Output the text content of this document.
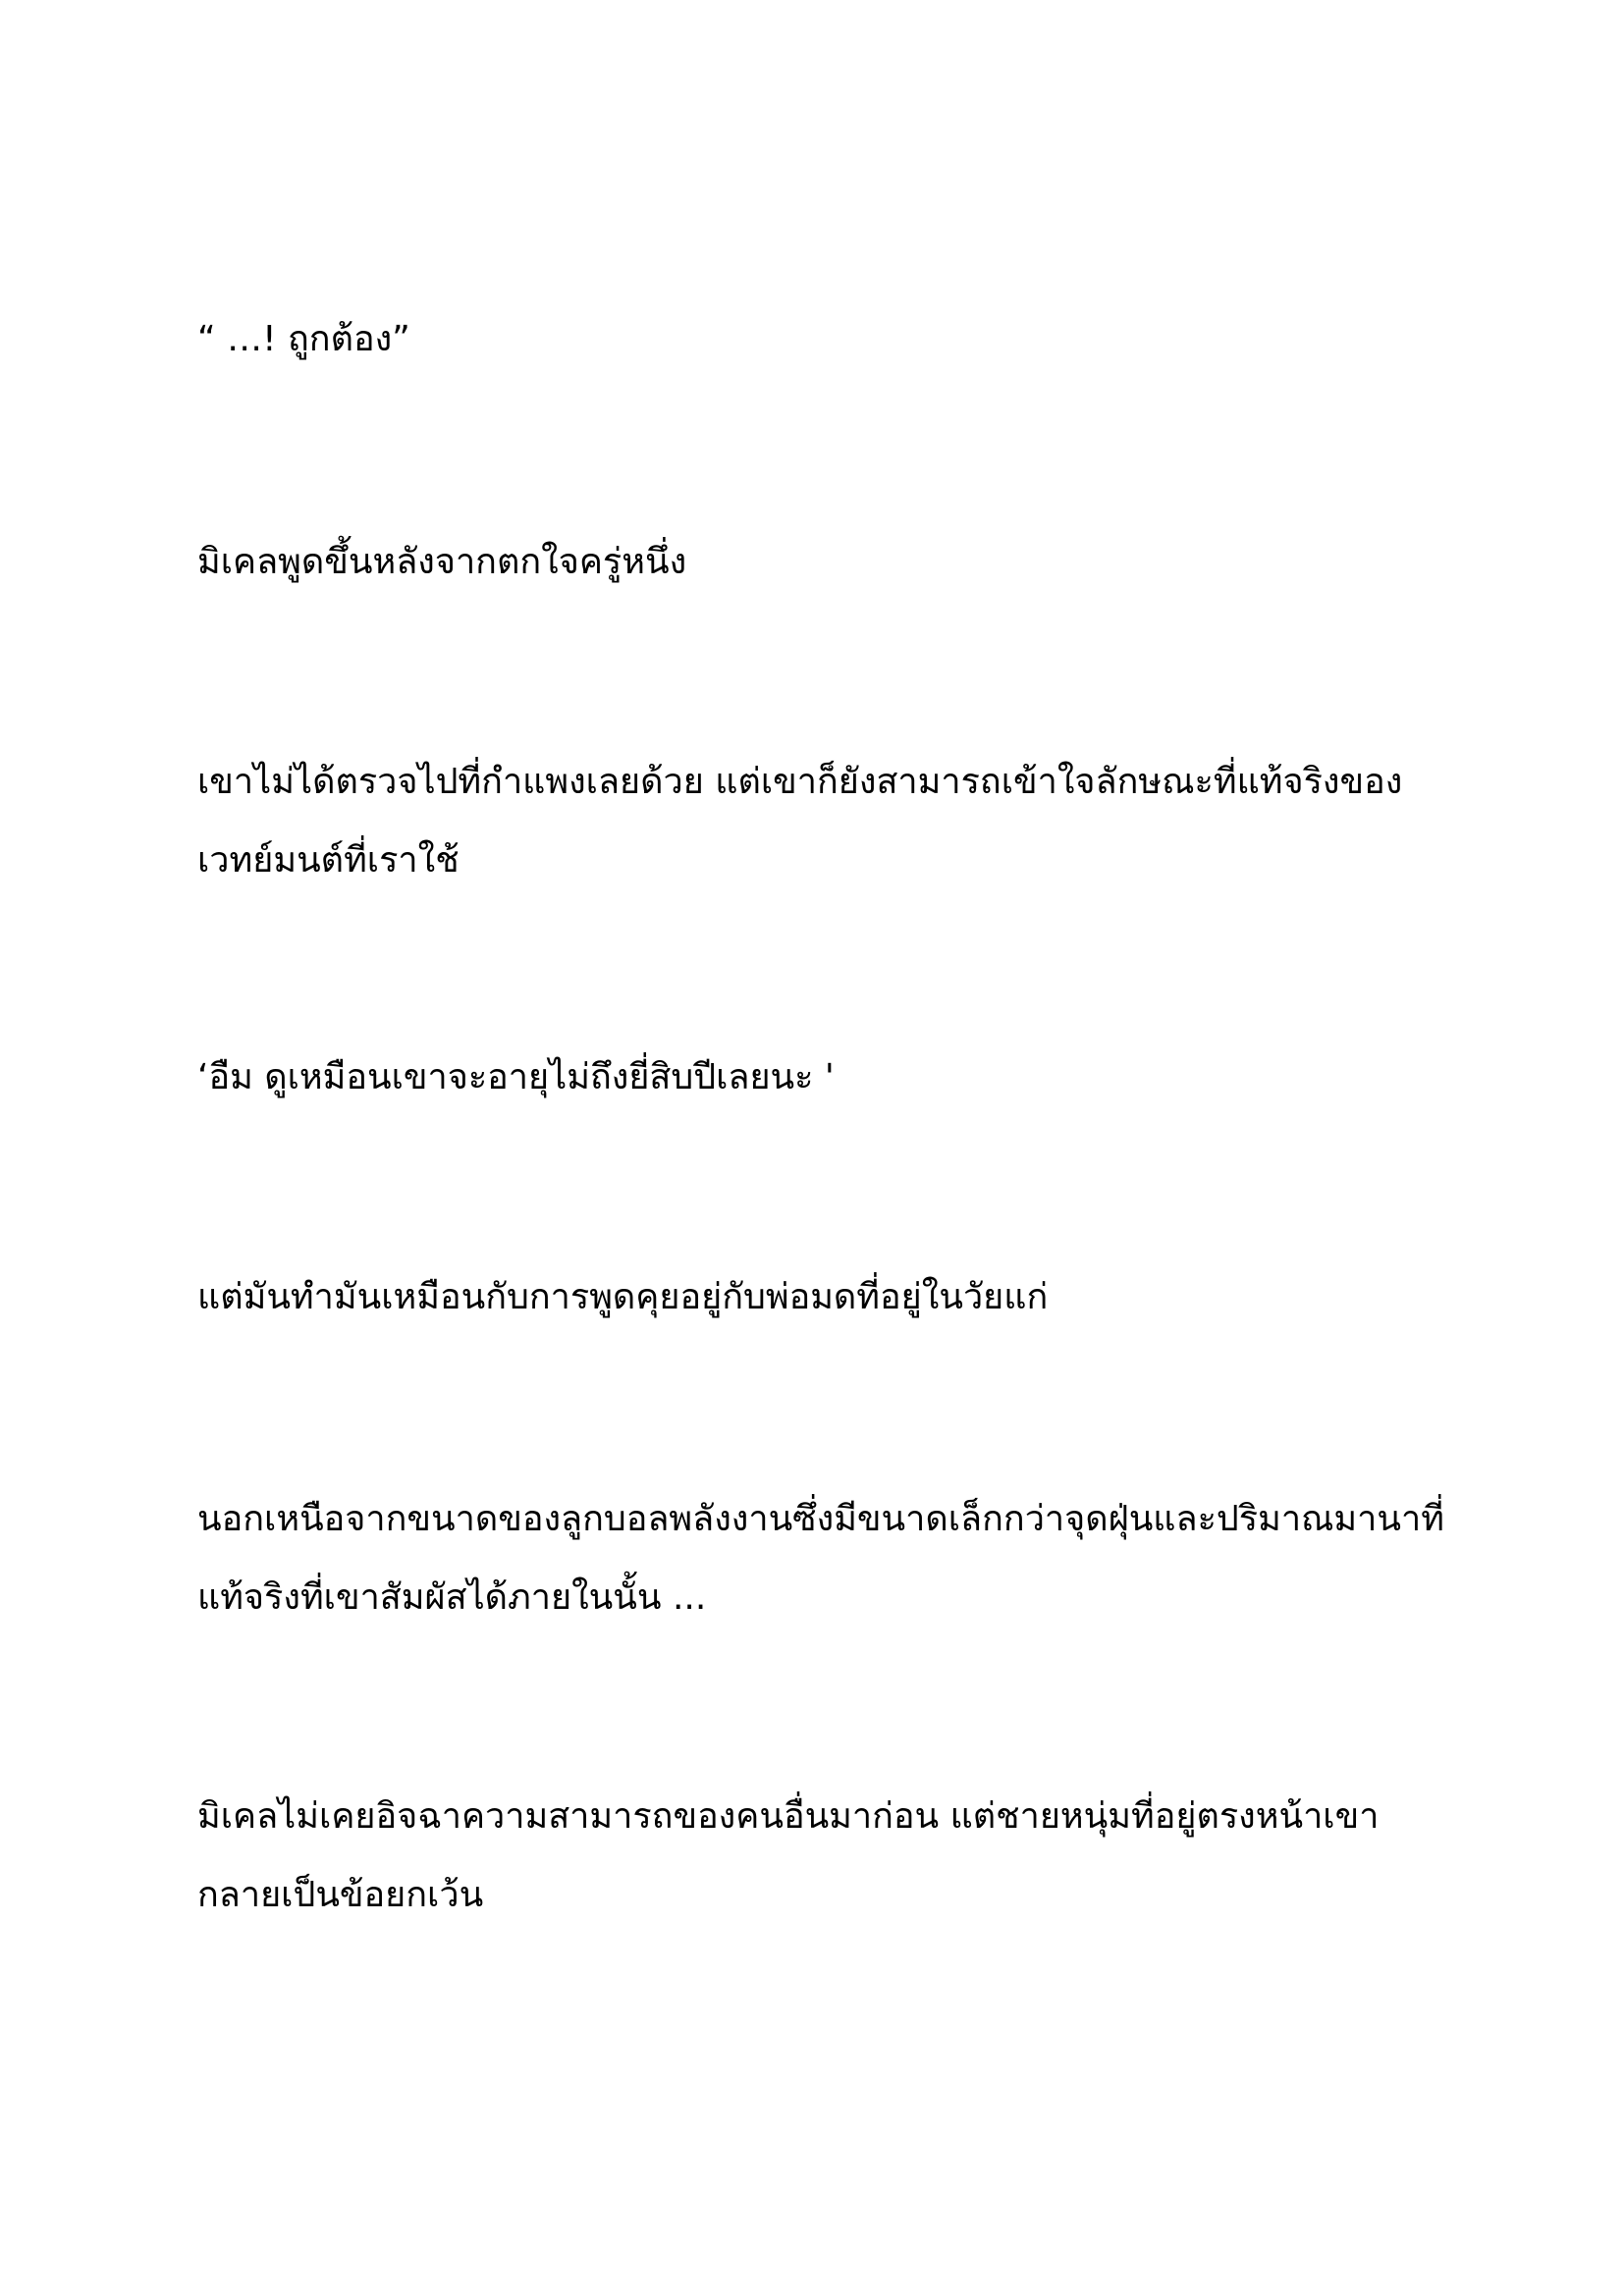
“ …! ถูกต้อง”

มิเคลพูดขึ้นหลังจากตกใจครู่หนึ่ง

เขาไม่ได้ตรวจไปที่กำแพงเลยด้วย แต่เขาก็ยังสามารถเข้าใจลักษณะที่แท้จริงของ
เวทย์มนต์ที่เราใช้

‘อืม ดูเหมือนเขาจะอายุไม่ถึงยี่สิบปีเลยนะ '

แต่มันทำมันเหมือนกับการพูดคุยอยู่กับพ่อมดที่อยู่ในวัยแก่

นอกเหนือจากขนาดของลูกบอลพลังงานซึ่งมีขนาดเล็กกว่าจุดฝุ่นและปริมาณมานาที่
แท้จริงที่เขาสัมผัสได้ภายในนั้น ...

มิเคลไม่เคยอิจฉาความสามารถของคนอื่นมาก่อน แต่ชายหนุ่มที่อยู่ตรงหน้าเขา
กลายเป็นข้อยกเว้น
